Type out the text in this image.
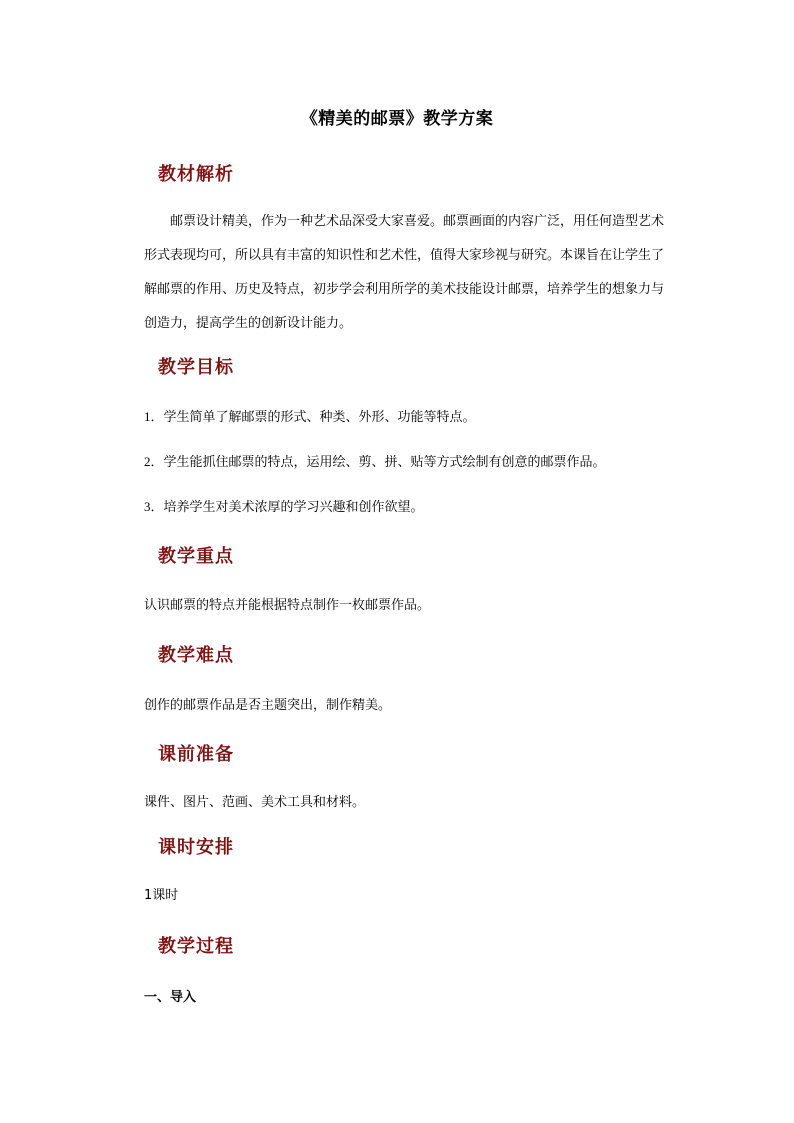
《精美的邮票》教学方案
教材解析

邮票设计精美，作为一种艺术品深受大家喜爱。邮票画面的内容广泛，用任何造型艺术形式表现均可，所以具有丰富的知识性和艺术性，值得大家珍视与研究。本课旨在让学生了解邮票的作用、历史及特点，初步学会利用所学的美术技能设计邮票，培养学生的想象力与创造力，提高学生的创新设计能力。

教学目标
1．学生简单了解邮票的形式、种类、外形、功能等特点。
2．学生能抓住邮票的特点，运用绘、剪、拼、贴等方式绘制有创意的邮票作品。
3．培养学生对美术浓厚的学习兴趣和创作欲望。
教学重点
认识邮票的特点并能根据特点制作一枚邮票作品。
教学难点
创作的邮票作品是否主题突出，制作精美。
课前准备
课件、图片、范画、美术工具和材料。
课时安排
1课时
教学过程
一、导入
